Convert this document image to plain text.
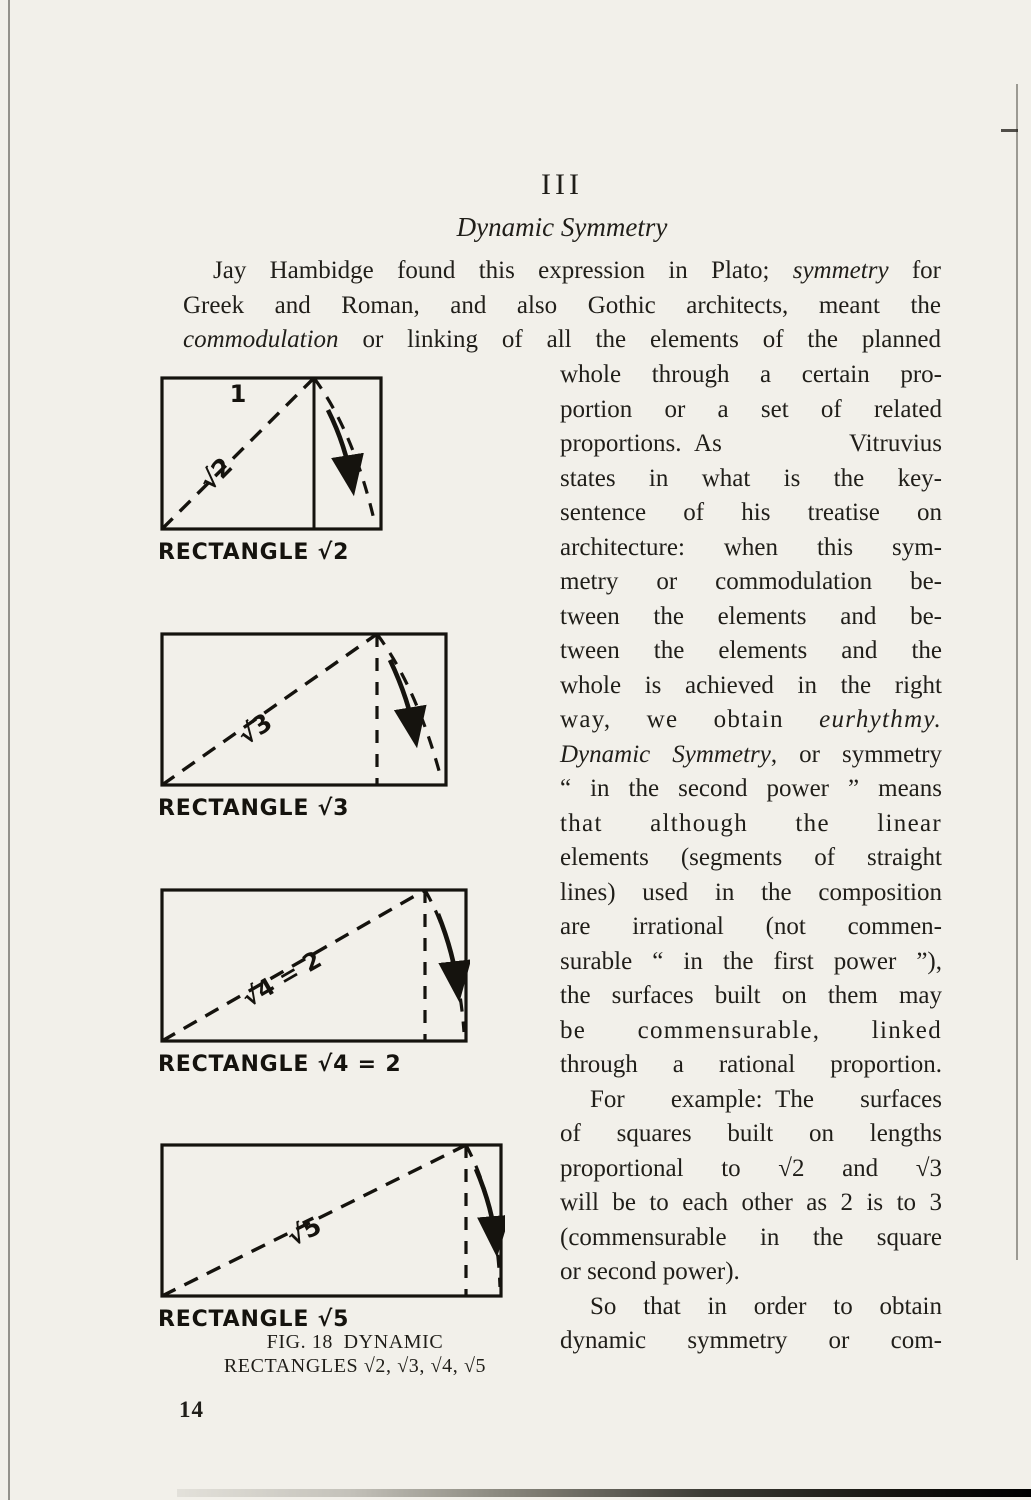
III
Dynamic Symmetry
Jay Hambidge found this expression in Plato; symmetry for
Greek and Roman, and also Gothic architects, meant the
commodulation or linking of all the elements of the planned
whole through a certain pro-
portion or a set of related
proportions. As Vitruvius
states in what is the key-
sentence of his treatise on
architecture: when this sym-
metry or commodulation be-
tween the elements and be-
tween the elements and the
whole is achieved in the right
way, we obtain eurhythmy.
Dynamic Symmetry, or symmetry
“ in the second power ” means
that although the linear
elements (segments of straight
lines) used in the composition
are irrational (not commen-
surable “ in the first power ”),
the surfaces built on them may
be commensurable, linked
through a rational proportion.
For example: The surfaces
of squares built on lengths
proportional to √2 and √3
will be to each other as 2 is to 3
(commensurable in the square
or second power).
So that in order to obtain
dynamic symmetry or com-
1
√2
RECTANGLE √2
√3
RECTANGLE √3
√4 = 2
RECTANGLE √4 = 2
√5
RECTANGLE √5
FIG. 18 DYNAMIC
RECTANGLES √2, √3, √4, √5
14
